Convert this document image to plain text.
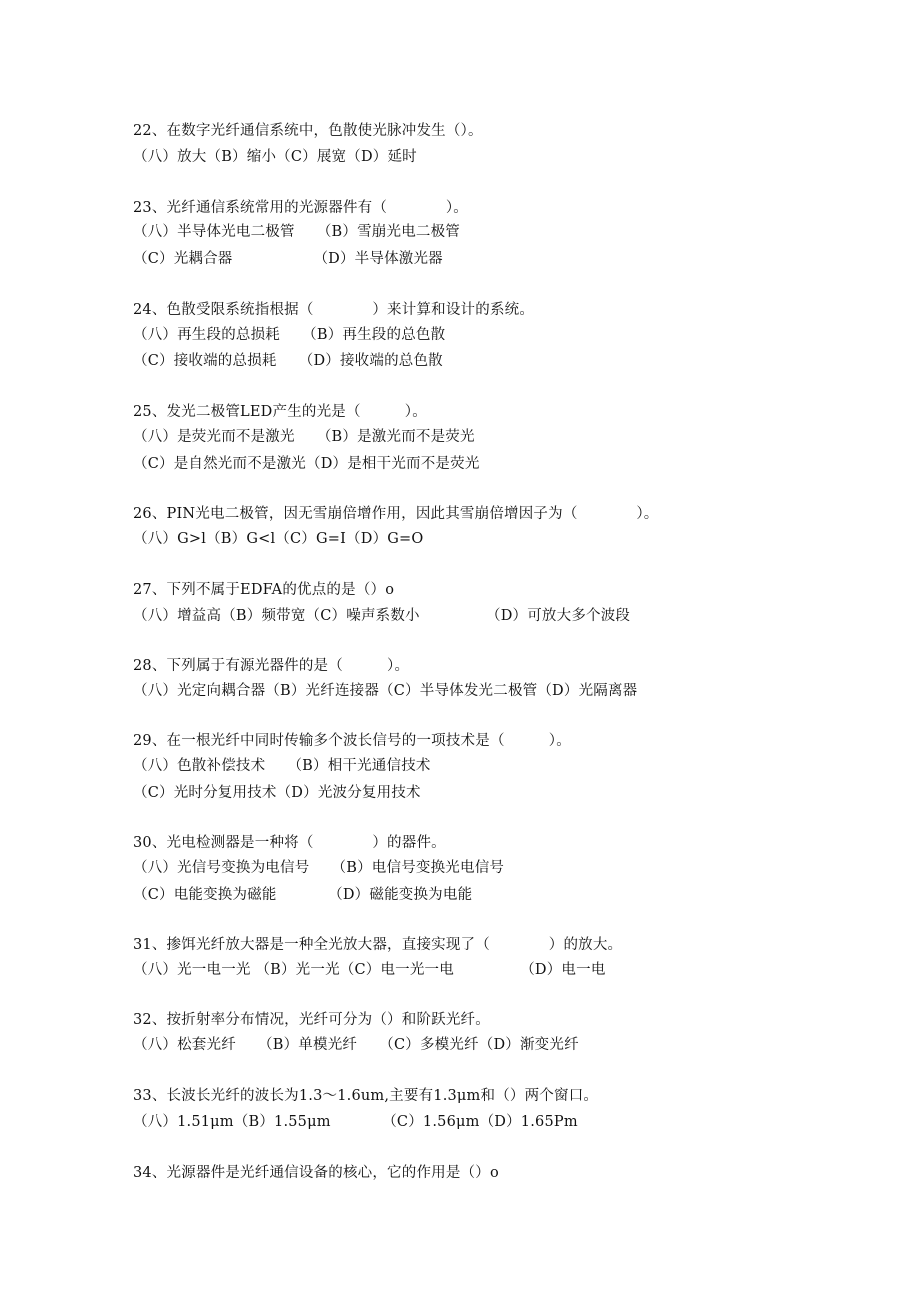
22、在数字光纤通信系统中，色散使光脉冲发生（）。
（八）放大（B）缩小（C）展宽（D）延时
23、光纤通信系统常用的光源器件有（　　　　）。
（八）半导体光电二极管　　（B）雪崩光电二极管
（C）光耦合器　　　　　　（D）半导体激光器
24、色散受限系统指根据（　　　　）来计算和设计的系统。
（八）再生段的总损耗　　（B）再生段的总色散
（C）接收端的总损耗　　（D）接收端的总色散
25、发光二极管LED产生的光是（　　　）。
（八）是荧光而不是激光　　（B）是激光而不是荧光
（C）是自然光而不是激光（D）是相干光而不是荧光
26、PIN光电二极管，因无雪崩倍增作用，因此其雪崩倍增因子为（　　　　）。
（八）G>l（B）G<l（C）G=I（D）G=O
27、下列不属于EDFA的优点的是（）o
（八）增益高（B）频带宽（C）噪声系数小　　　　　（D）可放大多个波段
28、下列属于有源光器件的是（　　　）。
（八）光定向耦合器（B）光纤连接器（C）半导体发光二极管（D）光隔离器
29、在一根光纤中同时传输多个波长信号的一项技术是（　　　）。
（八）色散补偿技术　　（B）相干光通信技术
（C）光时分复用技术（D）光波分复用技术
30、光电检测器是一种将（　　　　）的器件。
（八）光信号变换为电信号　　（B）电信号变换光电信号
（C）电能变换为磁能　　　　（D）磁能变换为电能
31、掺饵光纤放大器是一种全光放大器，直接实现了（　　　　）的放大。
（八）光一电一光 （B）光一光（C）电一光一电　　　　　（D）电一电
32、按折射率分布情况，光纤可分为（）和阶跃光纤。
（八）松套光纤　　（B）单模光纤　　（C）多模光纤（D）渐变光纤
33、长波长光纤的波长为1.3～1.6um,主要有1.3μm和（）两个窗口。
（八）1.51μm（B）1.55μm　　　　（C）1.56μm（D）1.65Pm
34、光源器件是光纤通信设备的核心，它的作用是（）o
